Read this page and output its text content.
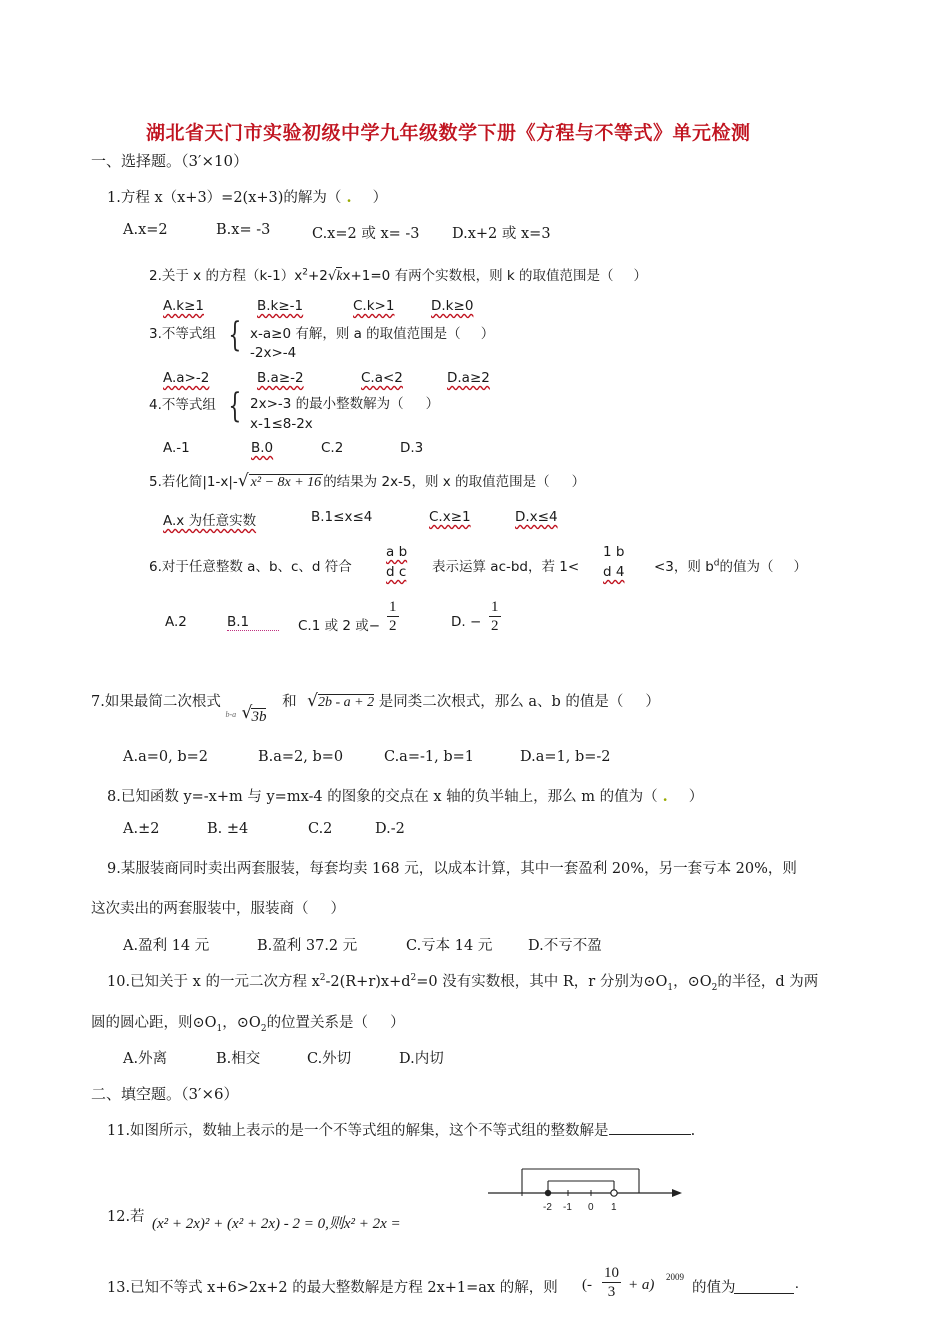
湖北省天门市实验初级中学九年级数学下册《方程与不等式》单元检测
一、选择题。（3′×10）
1.方程 x（x+3）=2(x+3)的解为（ . ）
A.x=2	B.x= -3	C.x=2 或 x= -3 D.x+2 或 x=3
2.关于 x 的方程$(k-1)x^2+2√kx+1=0$ 有两个实数根，则 k 的取值范围是（ ）
A.k≥1	B.k≥-1	C.k>1	D.k≥0
3.不等式组 { x-a≥0 有解，则 a 的取值范围是（ ）
-2x>-4
A.a>-2	B.a≥-2	C.a<2	D.a≥2
4.不等式组 { 2x>-3 的最小整数解为（ ）
x-1≤8-2x
A.-1	B.0	C.2	D.3
5.若化简|1-x|-√ x² − 8x + 16 的结果为 2x-5，则 x 的取值范围是（ ）
A.x 为任意实数	B.1≤x≤4	C.x≥1	D.x≤4
6.对于任意整数 a、b、c、d 符合
a b
d c 表示运算 ac-bd，若 1<
1 b
d 4 <3，则 $b^d$的值为（ ）
A.2	B.1	C.1 或 2 或− $\frac{1}{2}$	D. − $\frac{1}{2}$
7.如果最简二次根式
b-a √ 3b
和 √2b - a + 2 是同类二次根式，那么 a、b 的值是（ ）
A.a=0, b=2	B.a=2, b=0	C.a=-1, b=1	D.a=1, b=-2
8.已知函数 y=-x+m 与 y=mx-4 的图象的交点在 x 轴的负半轴上，那么 m 的值为（ . ）
A.±2	B. ±4	C.2	D.-2
9.某服装商同时卖出两套服装，每套均卖 168 元，以成本计算，其中一套盈利 20%，另一套亏本 20%，则
这次卖出的两套服装中，服装商（ ）
A.盈利 14 元	B.盈利 37.2 元	C.亏本 14 元 D.不亏不盈
10.已知关于 x 的一元二次方程 $x^2-2(R+r)x+d^2=0$ 没有实数根，其中 R，r 分别为$⊙O_1$，$⊙O_2$的半径，d 为两
圆的圆心距，则$⊙O_1$，$⊙O_2$的位置关系是（ ）
A.外离	B.相交	C.外切	D.内切
二、填空题。（3′×6）
11.如图所示，数轴上表示的是一个不等式组的解集，这个不等式组的整数解是	.
-2 -1 0 1
12.若 (x² + 2x)² + (x² + 2x) - 2 = 0,则x² + 2x =
13.已知不等式 x+6>2x+2 的最大整数解是方程 2x+1=ax 的解，则 (- $\frac{10}{3} + a$) 2009
的值为	.
